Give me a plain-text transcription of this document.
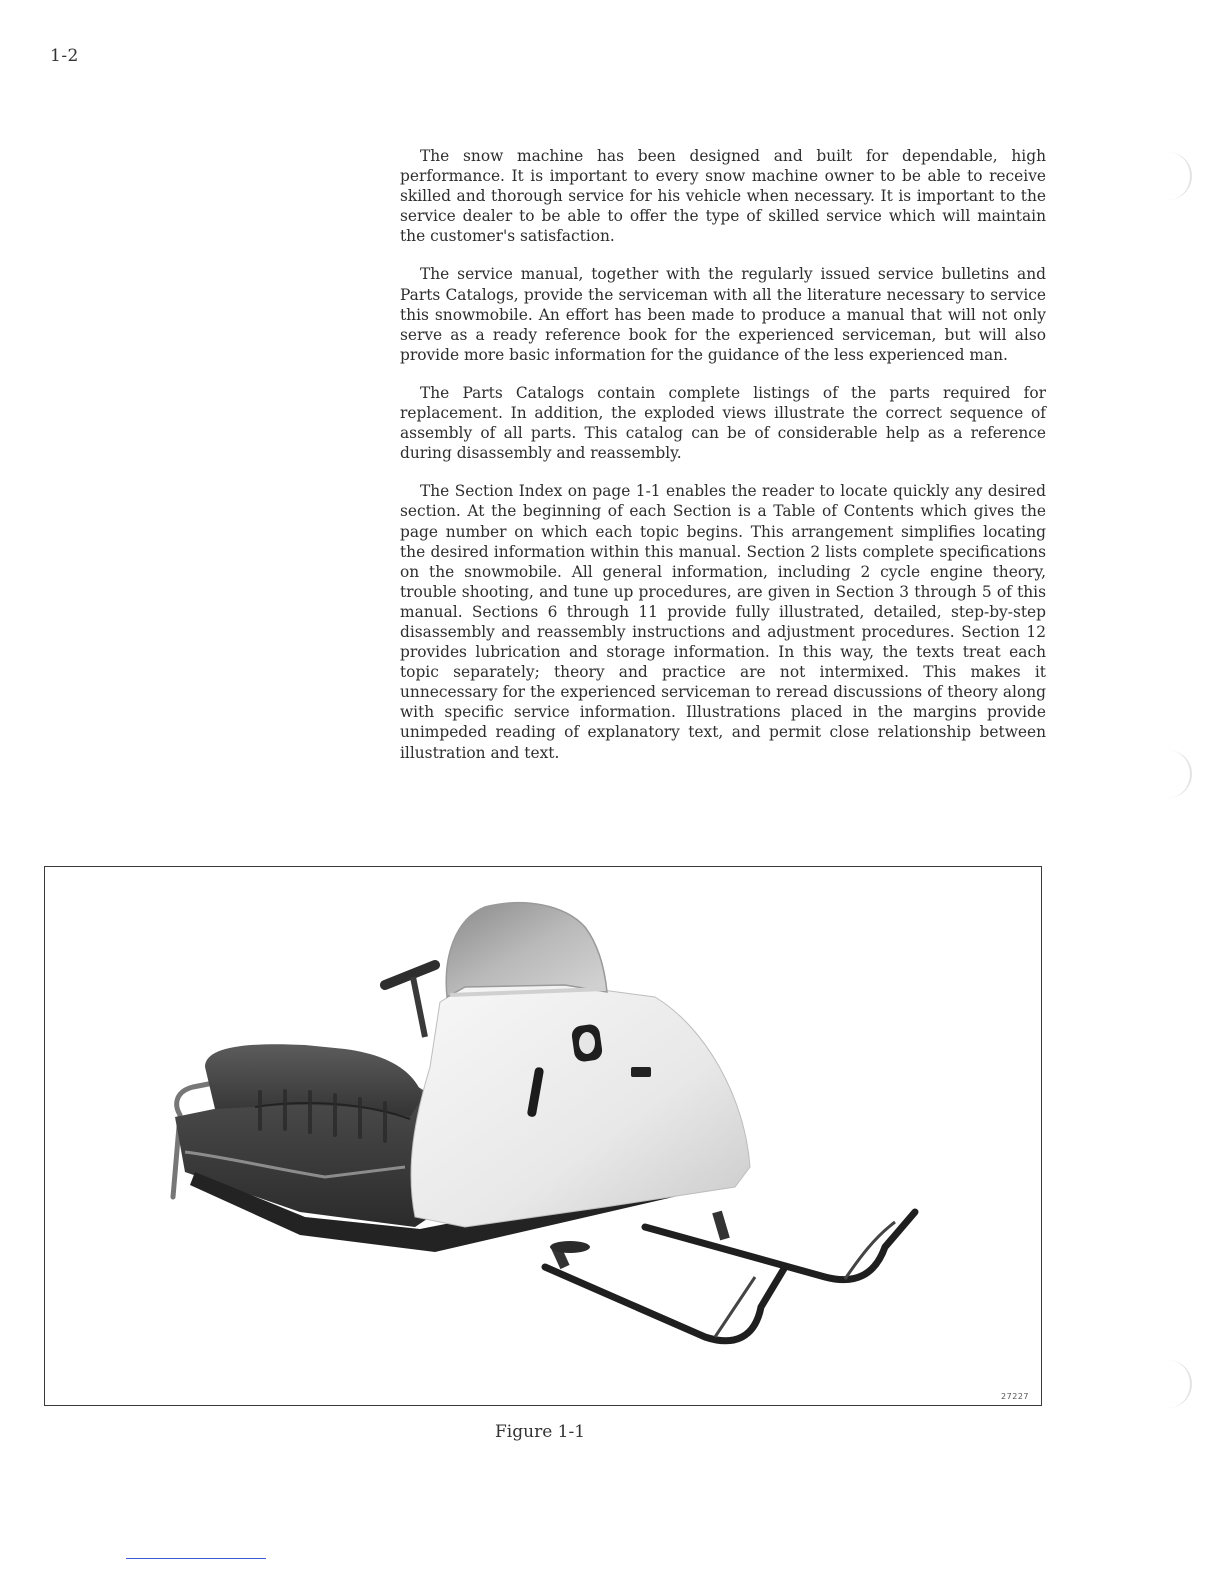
1-2

The snow machine has been designed and built for dependable, high performance. It is important to every snow machine owner to be able to receive skilled and thorough service for his vehicle when necessary. It is important to the service dealer to be able to offer the type of skilled service which will maintain the customer's satisfaction.

The service manual, together with the regularly issued service bulletins and Parts Catalogs, provide the serviceman with all the literature necessary to service this snowmobile. An effort has been made to produce a manual that will not only serve as a ready reference book for the experienced serviceman, but will also provide more basic information for the guidance of the less experienced man.

The Parts Catalogs contain complete listings of the parts required for replacement. In addition, the exploded views illustrate the correct sequence of assembly of all parts. This catalog can be of considerable help as a reference during disassembly and reassembly.

The Section Index on page 1-1 enables the reader to locate quickly any desired section. At the beginning of each Section is a Table of Contents which gives the page number on which each topic begins. This arrangement simplifies locating the desired information within this manual. Section 2 lists complete specifications on the snowmobile. All general information, including 2 cycle engine theory, trouble shooting, and tune up procedures, are given in Section 3 through 5 of this manual. Sections 6 through 11 provide fully illustrated, detailed, step-by-step disassembly and reassembly instructions and adjustment procedures. Section 12 provides lubrication and storage information. In this way, the texts treat each topic separately; theory and practice are not intermixed. This makes it unnecessary for the experienced serviceman to reread discussions of theory along with specific service information. Illustrations placed in the margins provide unimpeded reading of explanatory text, and permit close relationship between illustration and text.

27227
Figure 1-1
